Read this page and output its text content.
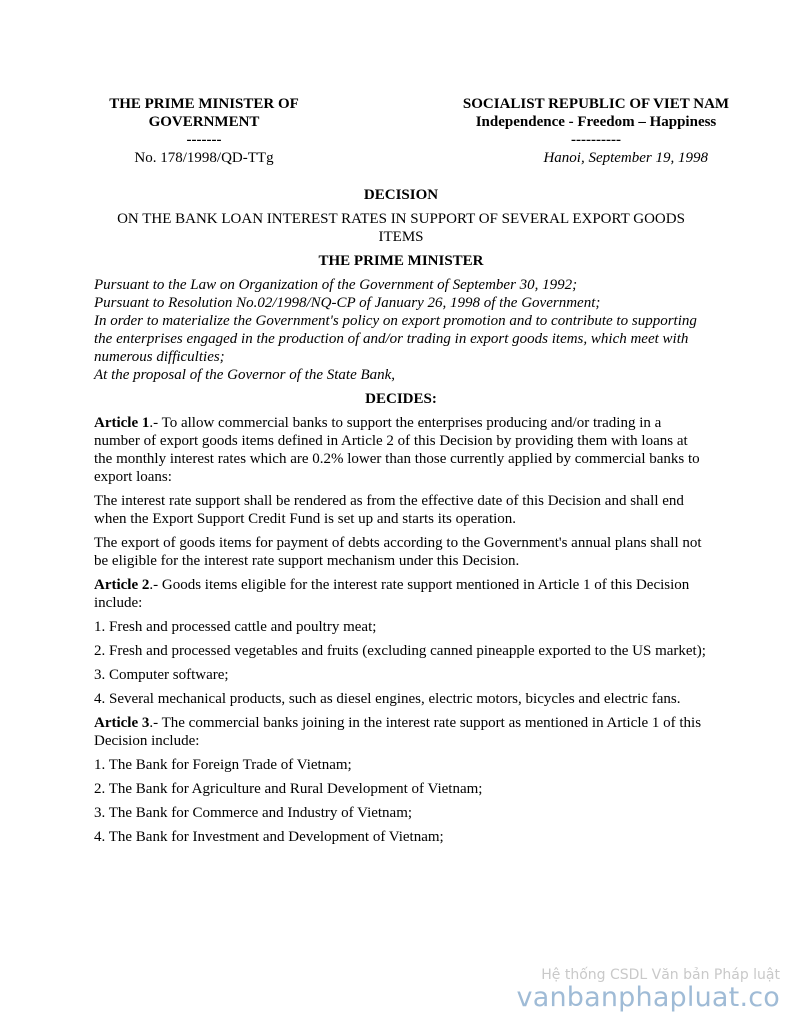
THE PRIME MINISTER OF
GOVERNMENT
-------
No. 178/1998/QD-TTg
SOCIALIST REPUBLIC OF VIET NAM
Independence - Freedom – Happiness
----------
Hanoi, September 19, 1998
DECISION
ON THE BANK LOAN INTEREST RATES IN SUPPORT OF SEVERAL EXPORT GOODS ITEMS
THE PRIME MINISTER
Pursuant to the Law on Organization of the Government of September 30, 1992;
Pursuant to Resolution No.02/1998/NQ-CP of January 26, 1998 of the Government;
In order to materialize the Government's policy on export promotion and to contribute to supporting the enterprises engaged in the production of and/or trading in export goods items, which meet with numerous difficulties;
At the proposal of the Governor of the State Bank,
DECIDES:

Article 1.- To allow commercial banks to support the enterprises producing and/or trading in a number of export goods items defined in Article 2 of this Decision by providing them with loans at the monthly interest rates which are 0.2% lower than those currently applied by commercial banks to export loans:

The interest rate support shall be rendered as from the effective date of this Decision and shall end when the Export Support Credit Fund is set up and starts its operation.

The export of goods items for payment of debts according to the Government's annual plans shall not be eligible for the interest rate support mechanism under this Decision.

Article 2.- Goods items eligible for the interest rate support mentioned in Article 1 of this Decision include:

1. Fresh and processed cattle and poultry meat;

2. Fresh and processed vegetables and fruits (excluding canned pineapple exported to the US market);

3. Computer software;

4. Several mechanical products, such as diesel engines, electric motors, bicycles and electric fans.

Article 3.- The commercial banks joining in the interest rate support as mentioned in Article 1 of this Decision include:

1. The Bank for Foreign Trade of Vietnam;

2. The Bank for Agriculture and Rural Development of Vietnam;

3. The Bank for Commerce and Industry of Vietnam;

4. The Bank for Investment and Development of Vietnam;

Hệ thống CSDL Văn bản Pháp luật
vanbanphapluat.co
